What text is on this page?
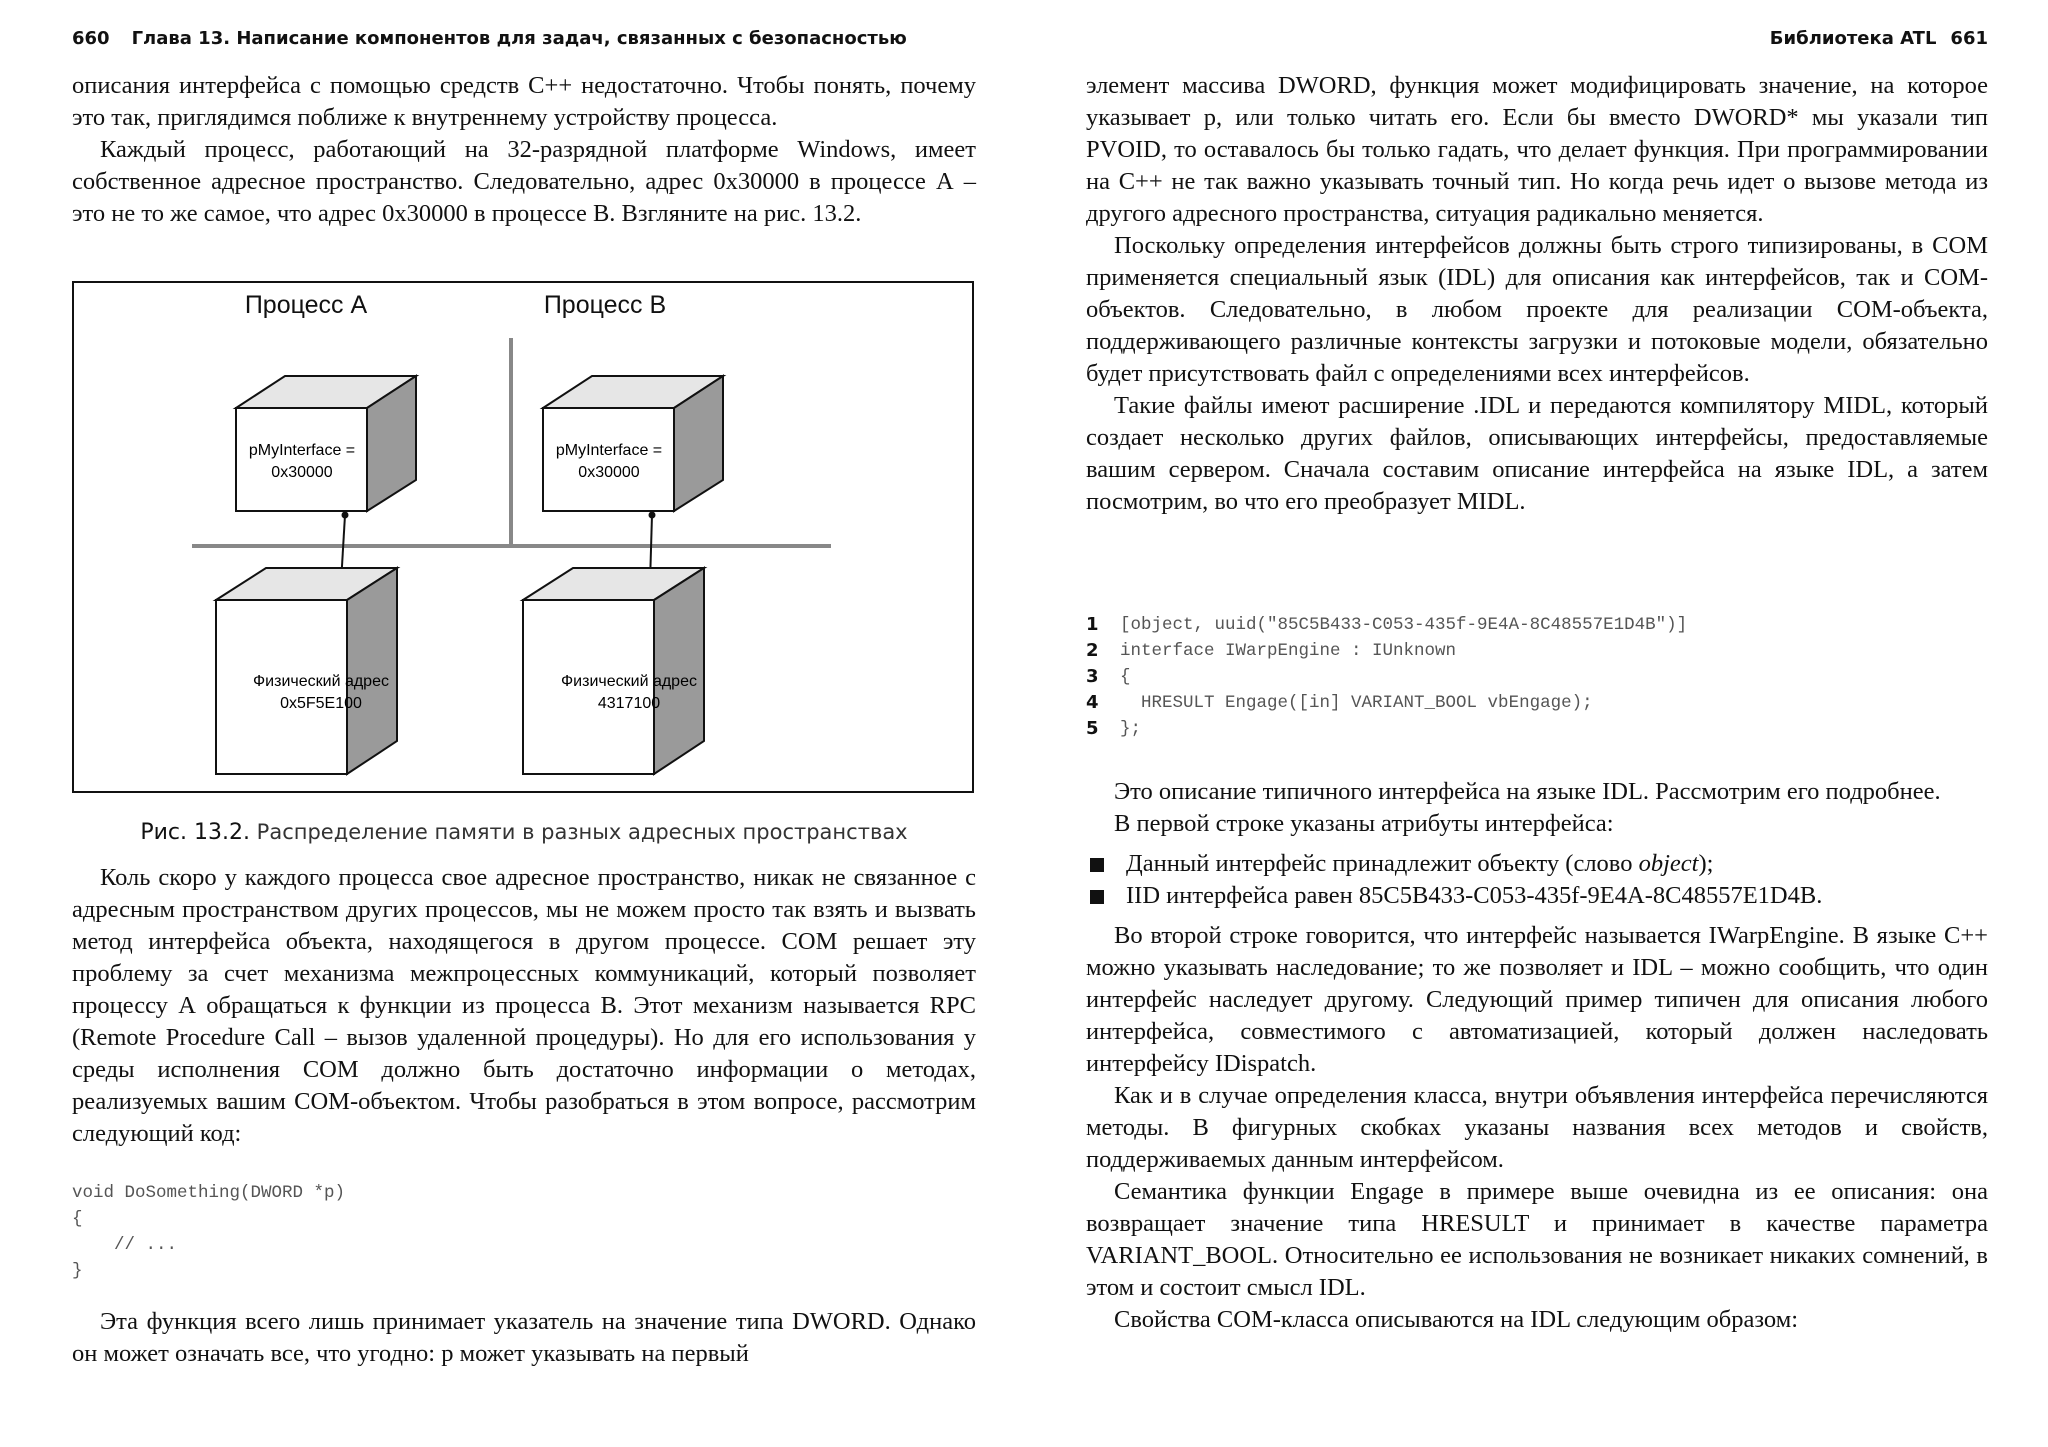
660 Глава 13. Написание компонентов для задач, связанных с безопасностью	Библиотека ATL 661

описания интерфейса с помощью средств C++ недостаточно. Чтобы понять, почему это так, приглядимся поближе к внутреннему устройству процесса.

Каждый процесс, работающий на 32-разрядной платформе Windows, имеет собственное адресное пространство. Следовательно, адрес 0x30000 в процессе А – это не то же самое, что адрес 0x30000 в процессе B. Взгляните на рис. 13.2.

Коль скоро у каждого процесса свое адресное пространство, никак не связанное с адресным пространством других процессов, мы не можем просто так взять и вызвать метод интерфейса объекта, находящегося в другом процессе. COM решает эту проблему за счет механизма межпроцессных коммуникаций, который позволяет процессу А обращаться к функции из процесса B. Этот механизм называется RPC (Remote Procedure Call – вызов удаленной процедуры). Но для его использования у среды исполнения COM должно быть достаточно информации о методах, реализуемых вашим COM-объектом. Чтобы разобраться в этом вопросе, рассмотрим следующий код:

void DoSomething(DWORD *p)
{
// ...
}

Эта функция всего лишь принимает указатель на значение типа DWORD. Однако он может означать все, что угодно: p может указывать на первый

Процесс А	Процесс B
pMyInterface =
0x30000
pMyInterface =
0x30000
Физический адрес
0x5F5E100
Физический адрес
4317100
Рис. 13.2. Распределение памяти в разных адресных пространствах

элемент массива DWORD, функция может модифицировать значение, на которое указывает p, или только читать его. Если бы вместо DWORD* мы указали тип PVOID, то оставалось бы только гадать, что делает функция. При программировании на C++ не так важно указывать точный тип. Но когда речь идет о вызове метода из другого адресного пространства, ситуация радикально меняется.

Поскольку определения интерфейсов должны быть строго типизированы, в COM применяется специальный язык (IDL) для описания как интерфейсов, так и COM-объектов. Следовательно, в любом проекте для реализации COM-объекта, поддерживающего различные контексты загрузки и потоковые модели, обязательно будет присутствовать файл с определениями всех интерфейсов.

Такие файлы имеют расширение .IDL и передаются компилятору MIDL, который создает несколько других файлов, описывающих интерфейсы, предоставляемые вашим сервером. Сначала составим описание интерфейса на языке IDL, а затем посмотрим, во что его преобразует MIDL.

1	[object, uuid("85C5B433-C053-435f-9E4A-8C48557E1D4B")]
2	interface IWarpEngine : IUnknown
3	{
4	HRESULT Engage([in] VARIANT_BOOL vbEngage);
5	};

Это описание типичного интерфейса на языке IDL. Рассмотрим его подробнее.

В первой строке указаны атрибуты интерфейса:

Данный интерфейс принадлежит объекту (слово object);

IID интерфейса равен 85C5B433-C053-435f-9E4A-8C48557E1D4B.

Во второй строке говорится, что интерфейс называется IWarpEngine. В языке C++ можно указывать наследование; то же позволяет и IDL – можно сообщить, что один интерфейс наследует другому. Следующий пример типичен для описания любого интерфейса, совместимого с автоматизацией, который должен наследовать интерфейсу IDispatch.

Как и в случае определения класса, внутри объявления интерфейса перечисляются методы. В фигурных скобках указаны названия всех методов и свойств, поддерживаемых данным интерфейсом.

Семантика функции Engage в примере выше очевидна из ее описания: она возвращает значение типа HRESULT и принимает в качестве параметра VARIANT_BOOL. Относительно ее использования не возникает никаких сомнений, в этом и состоит смысл IDL.

Свойства COM-класса описываются на IDL следующим образом:
